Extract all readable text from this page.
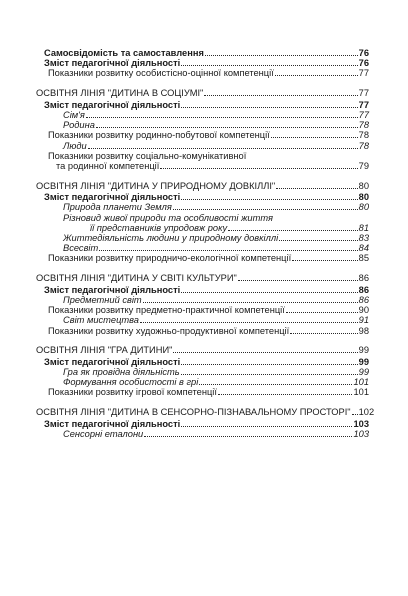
Самосвідомість та самоставлення	76
Зміст педагогічної діяльності	76
Показники розвитку особистісно-оцінної компетенції	77
ОСВІТНЯ ЛІНІЯ "ДИТИНА В СОЦІУМІ"	77
Зміст педагогічної діяльності	77
Сім'я	77
Родина	78
Показники розвитку родинно-побутової компетенції	78
Люди	78
Показники розвитку соціально-комунікативної
та родинної компетенції	79
ОСВІТНЯ ЛІНІЯ "ДИТИНА У ПРИРОДНОМУ ДОВКІЛЛІ"	80
Зміст педагогічної діяльності	80
Природа планети Земля	80
Різновид живої природи та особливості життя
її представників упродовж року	81
Життедіяльність людини у природному довкіллі	83
Всесвіт	84
Показники розвитку природничо-екологічної компетенції	85
ОСВІТНЯ ЛІНІЯ "ДИТИНА У СВІТІ КУЛЬТУРИ"	86
Зміст педагогічної діяльності	86
Предметний світ	86
Показники розвитку предметно-практичної компетенції	90
Світ мистецтва	91
Показники розвитку художньо-продуктивної компетенції	98
ОСВІТНЯ ЛІНІЯ "ГРА ДИТИНИ"	99
Зміст педагогічної діяльності	99
Гра як провідна діяльність	99
Формування особистості в грі	101
Показники розвитку ігрової компетенції	101
ОСВІТНЯ ЛІНІЯ "ДИТИНА В СЕНСОРНО-ПІЗНАВАЛЬНОМУ ПРОСТОРІ" 102
Зміст педагогічної діяльності	103
Сенсорні еталони	103
